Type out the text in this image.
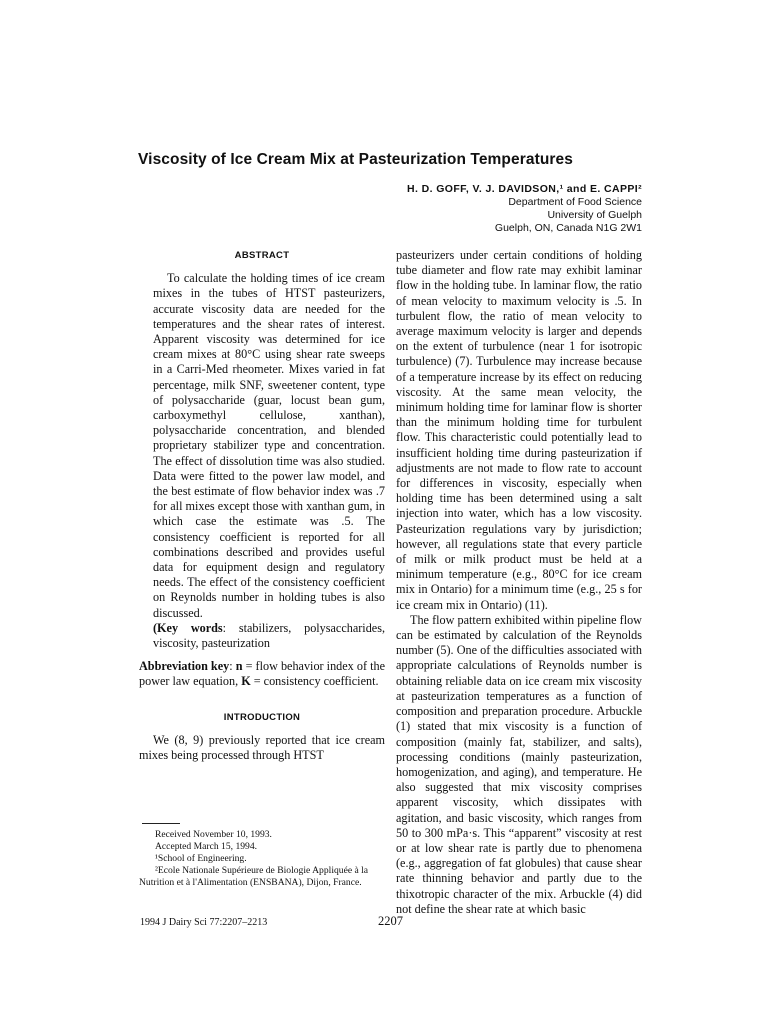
Viscosity of Ice Cream Mix at Pasteurization Temperatures
H. D. GOFF, V. J. DAVIDSON,¹ and E. CAPPI²
Department of Food Science
University of Guelph
Guelph, ON, Canada N1G 2W1
ABSTRACT

To calculate the holding times of ice cream mixes in the tubes of HTST pasteurizers, accurate viscosity data are needed for the temperatures and the shear rates of interest. Apparent viscosity was determined for ice cream mixes at 80°C using shear rate sweeps in a Carri-Med rheometer. Mixes varied in fat percentage, milk SNF, sweetener content, type of polysaccharide (guar, locust bean gum, carboxymethyl cellulose, xanthan), polysaccharide concentration, and blended proprietary stabilizer type and concentration. The effect of dissolution time was also studied. Data were fitted to the power law model, and the best estimate of flow behavior index was .7 for all mixes except those with xanthan gum, in which case the estimate was .5. The consistency coefficient is reported for all combinations described and provides useful data for equipment design and regulatory needs. The effect of the consistency coefficient on Reynolds number in holding tubes is also discussed.

(Key words: stabilizers, polysaccharides, viscosity, pasteurization

Abbreviation key: n = flow behavior index of the power law equation, K = consistency coefficient.

INTRODUCTION

We (8, 9) previously reported that ice cream mixes being processed through HTST

pasteurizers under certain conditions of holding tube diameter and flow rate may exhibit laminar flow in the holding tube. In laminar flow, the ratio of mean velocity to maximum velocity is .5. In turbulent flow, the ratio of mean velocity to average maximum velocity is larger and depends on the extent of turbulence (near 1 for isotropic turbulence) (7). Turbulence may increase because of a temperature increase by its effect on reducing viscosity. At the same mean velocity, the minimum holding time for laminar flow is shorter than the minimum holding time for turbulent flow. This characteristic could potentially lead to insufficient holding time during pasteurization if adjustments are not made to flow rate to account for differences in viscosity, especially when holding time has been determined using a salt injection into water, which has a low viscosity. Pasteurization regulations vary by jurisdiction; however, all regulations state that every particle of milk or milk product must be held at a minimum temperature (e.g., 80°C for ice cream mix in Ontario) for a minimum time (e.g., 25 s for ice cream mix in Ontario) (11).

The flow pattern exhibited within pipeline flow can be estimated by calculation of the Reynolds number (5). One of the difficulties associated with appropriate calculations of Reynolds number is obtaining reliable data on ice cream mix viscosity at pasteurization temperatures as a function of composition and preparation procedure. Arbuckle (1) stated that mix viscosity is a function of composition (mainly fat, stabilizer, and salts), processing conditions (mainly pasteurization, homogenization, and aging), and temperature. He also suggested that mix viscosity comprises apparent viscosity, which dissipates with agitation, and basic viscosity, which ranges from 50 to 300 mPa·s. This “apparent” viscosity at rest or at low shear rate is partly due to phenomena (e.g., aggregation of fat globules) that cause shear rate thinning behavior and partly due to the thixotropic character of the mix. Arbuckle (4) did not define the shear rate at which basic

Received November 10, 1993.

Accepted March 15, 1994.

¹School of Engineering.

²Ecole Nationale Supérieure de Biologie Appliquée à la Nutrition et à l'Alimentation (ENSBANA), Dijon, France.

1994 J Dairy Sci 77:2207–2213	2207
